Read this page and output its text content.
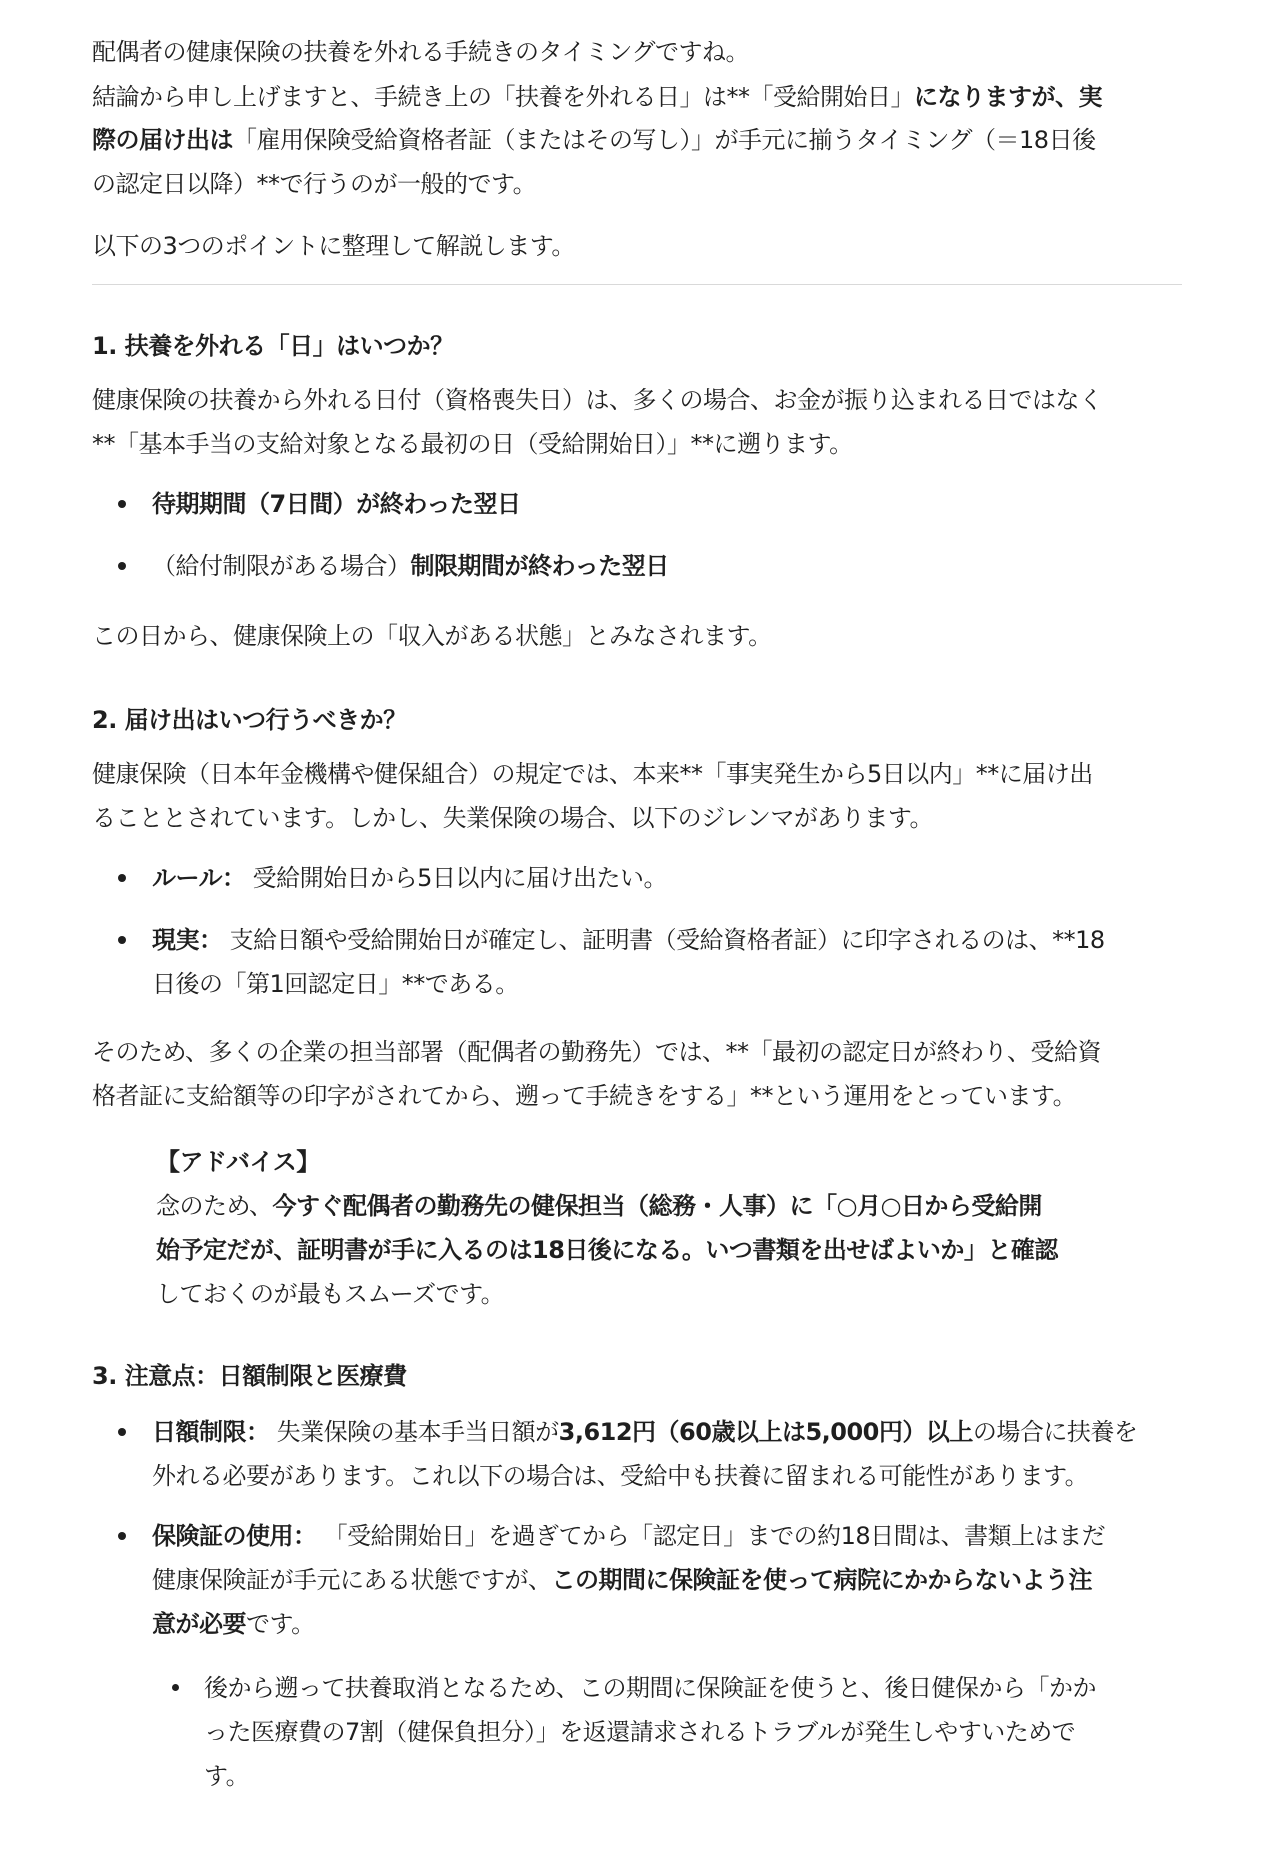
配偶者の健康保険の扶養を外れる手続きのタイミングですね。
結論から申し上げますと、手続き上の「扶養を外れる日」は**「受給開始日」になりますが、実
際の届け出は「雇用保険受給資格者証（またはその写し）」が手元に揃うタイミング（＝18日後
の認定日以降）**で行うのが一般的です。
以下の3つのポイントに整理して解説します。
1. 扶養を外れる「日」はいつか？
健康保険の扶養から外れる日付（資格喪失日）は、多くの場合、お金が振り込まれる日ではなく
**「基本手当の支給対象となる最初の日（受給開始日）」**に遡ります。
待期期間（7日間）が終わった翌日
（給付制限がある場合）制限期間が終わった翌日
この日から、健康保険上の「収入がある状態」とみなされます。
2. 届け出はいつ行うべきか？
健康保険（日本年金機構や健保組合）の規定では、本来**「事実発生から5日以内」**に届け出
ることとされています。しかし、失業保険の場合、以下のジレンマがあります。
ルール： 受給開始日から5日以内に届け出たい。
現実： 支給日額や受給開始日が確定し、証明書（受給資格者証）に印字されるのは、**18
日後の「第1回認定日」**である。
そのため、多くの企業の担当部署（配偶者の勤務先）では、**「最初の認定日が終わり、受給資
格者証に支給額等の印字がされてから、遡って手続きをする」**という運用をとっています。
【アドバイス】
念のため、今すぐ配偶者の勤務先の健保担当（総務・人事）に「○月○日から受給開
始予定だが、証明書が手に入るのは18日後になる。いつ書類を出せばよいか」と確認
しておくのが最もスムーズです。
3. 注意点：日額制限と医療費
日額制限： 失業保険の基本手当日額が3,612円（60歳以上は5,000円）以上の場合に扶養を
外れる必要があります。これ以下の場合は、受給中も扶養に留まれる可能性があります。
保険証の使用： 「受給開始日」を過ぎてから「認定日」までの約18日間は、書類上はまだ
健康保険証が手元にある状態ですが、この期間に保険証を使って病院にかからないよう注
意が必要です。
後から遡って扶養取消となるため、この期間に保険証を使うと、後日健保から「かか
った医療費の7割（健保負担分）」を返還請求されるトラブルが発生しやすいためで
す。
